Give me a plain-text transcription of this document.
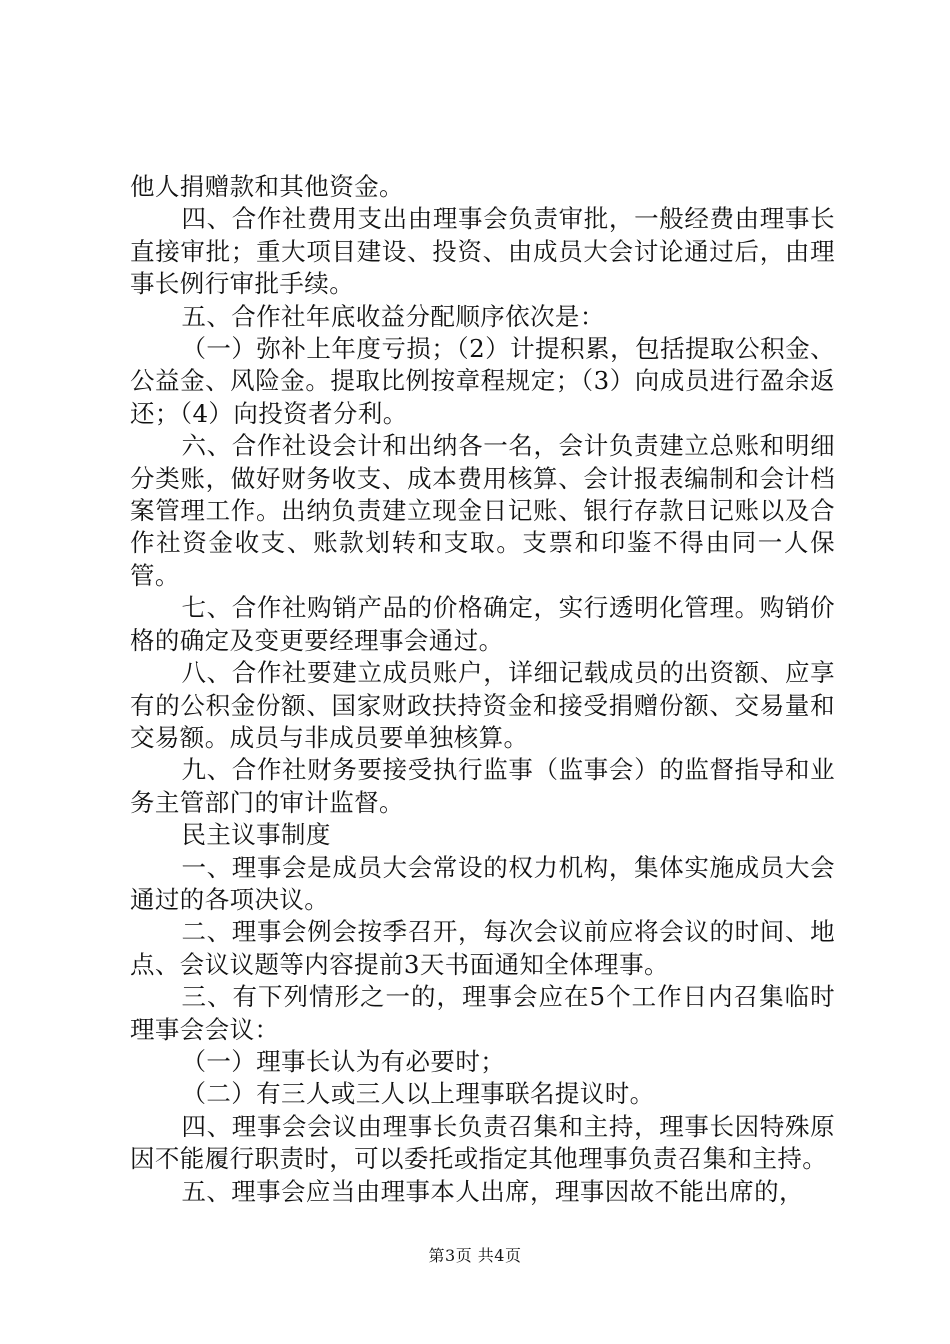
他人捐赠款和其他资金。

四、合作社费用支出由理事会负责审批，一般经费由理事长直接审批；重大项目建设、投资、由成员大会讨论通过后，由理事长例行审批手续。

五、合作社年底收益分配顺序依次是：

（一）弥补上年度亏损；（2）计提积累，包括提取公积金、公益金、风险金。提取比例按章程规定；（3）向成员进行盈余返还；（4）向投资者分利。

六、合作社设会计和出纳各一名，会计负责建立总账和明细分类账，做好财务收支、成本费用核算、会计报表编制和会计档案管理工作。出纳负责建立现金日记账、银行存款日记账以及合作社资金收支、账款划转和支取。支票和印鉴不得由同一人保管。

七、合作社购销产品的价格确定，实行透明化管理。购销价格的确定及变更要经理事会通过。

八、合作社要建立成员账户，详细记载成员的出资额、应享有的公积金份额、国家财政扶持资金和接受捐赠份额、交易量和交易额。成员与非成员要单独核算。

九、合作社财务要接受执行监事（监事会）的监督指导和业务主管部门的审计监督。

民主议事制度

一、理事会是成员大会常设的权力机构，集体实施成员大会通过的各项决议。

二、理事会例会按季召开，每次会议前应将会议的时间、地点、会议议题等内容提前3天书面通知全体理事。

三、有下列情形之一的，理事会应在5个工作日内召集临时理事会会议：

（一）理事长认为有必要时；

（二）有三人或三人以上理事联名提议时。

四、理事会会议由理事长负责召集和主持，理事长因特殊原因不能履行职责时，可以委托或指定其他理事负责召集和主持。

五、理事会应当由理事本人出席，理事因故不能出席的，

第3页 共4页
